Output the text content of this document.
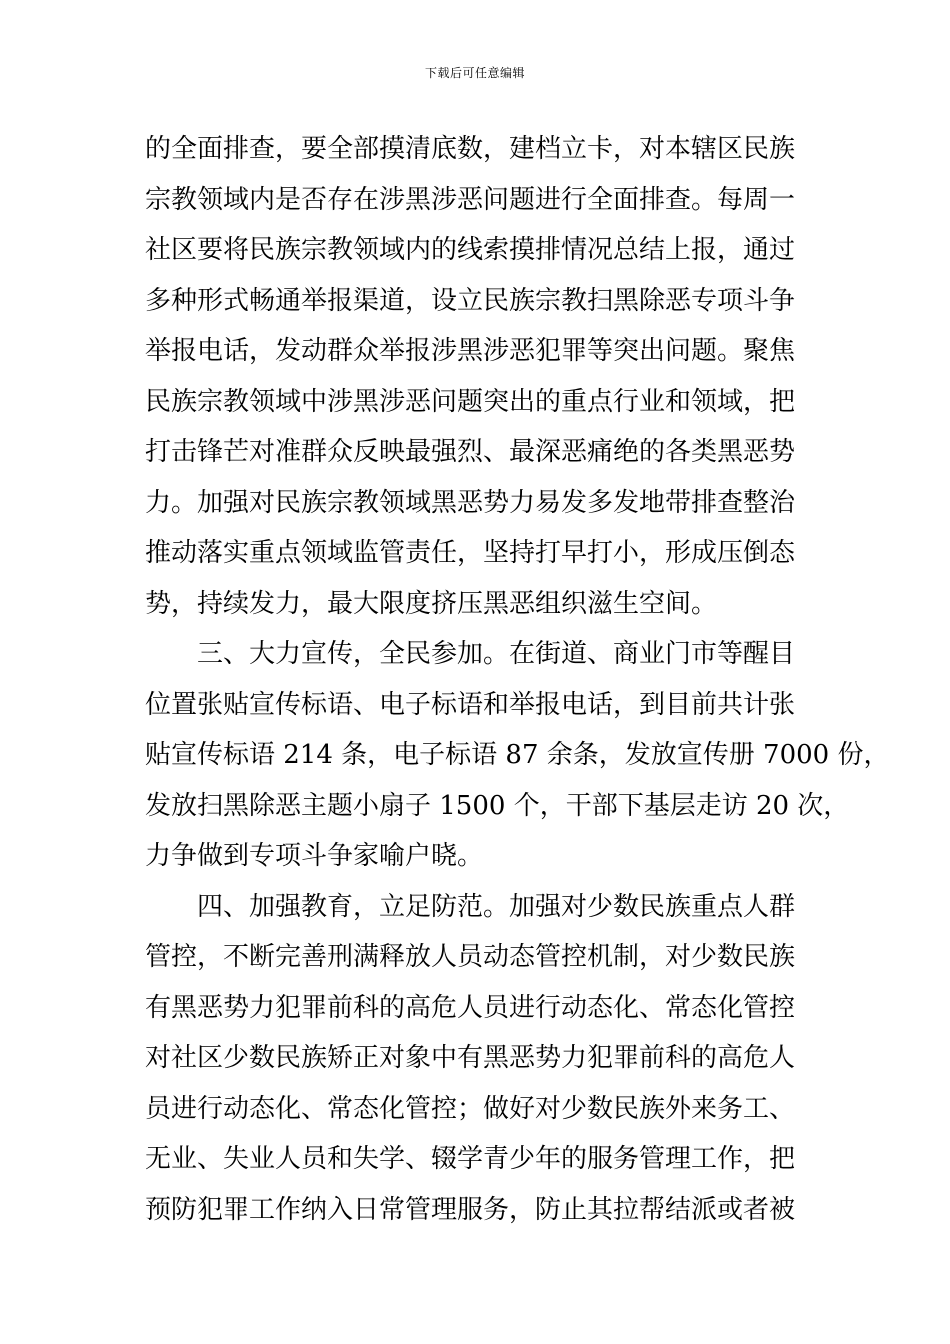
下载后可任意编辑
的全面排查，要全部摸清底数，建档立卡，对本辖区民族
宗教领域内是否存在涉黑涉恶问题进行全面排查。每周一
社区要将民族宗教领域内的线索摸排情况总结上报，通过
多种形式畅通举报渠道，设立民族宗教扫黑除恶专项斗争
举报电话，发动群众举报涉黑涉恶犯罪等突出问题。聚焦
民族宗教领域中涉黑涉恶问题突出的重点行业和领域，把
打击锋芒对准群众反映最强烈、最深恶痛绝的各类黑恶势
力。加强对民族宗教领域黑恶势力易发多发地带排查整治
推动落实重点领域监管责任，坚持打早打小，形成压倒态
势，持续发力，最大限度挤压黑恶组织滋生空间。
三、大力宣传，全民参加。在街道、商业门市等醒目
位置张贴宣传标语、电子标语和举报电话，到目前共计张
贴宣传标语 214 条，电子标语 87 余条，发放宣传册 7000 份，
发放扫黑除恶主题小扇子 1500 个，干部下基层走访 20 次，
力争做到专项斗争家喻户晓。
四、加强教育，立足防范。加强对少数民族重点人群
管控，不断完善刑满释放人员动态管控机制，对少数民族
有黑恶势力犯罪前科的高危人员进行动态化、常态化管控
对社区少数民族矫正对象中有黑恶势力犯罪前科的高危人
员进行动态化、常态化管控；做好对少数民族外来务工、
无业、失业人员和失学、辍学青少年的服务管理工作，把
预防犯罪工作纳入日常管理服务，防止其拉帮结派或者被
